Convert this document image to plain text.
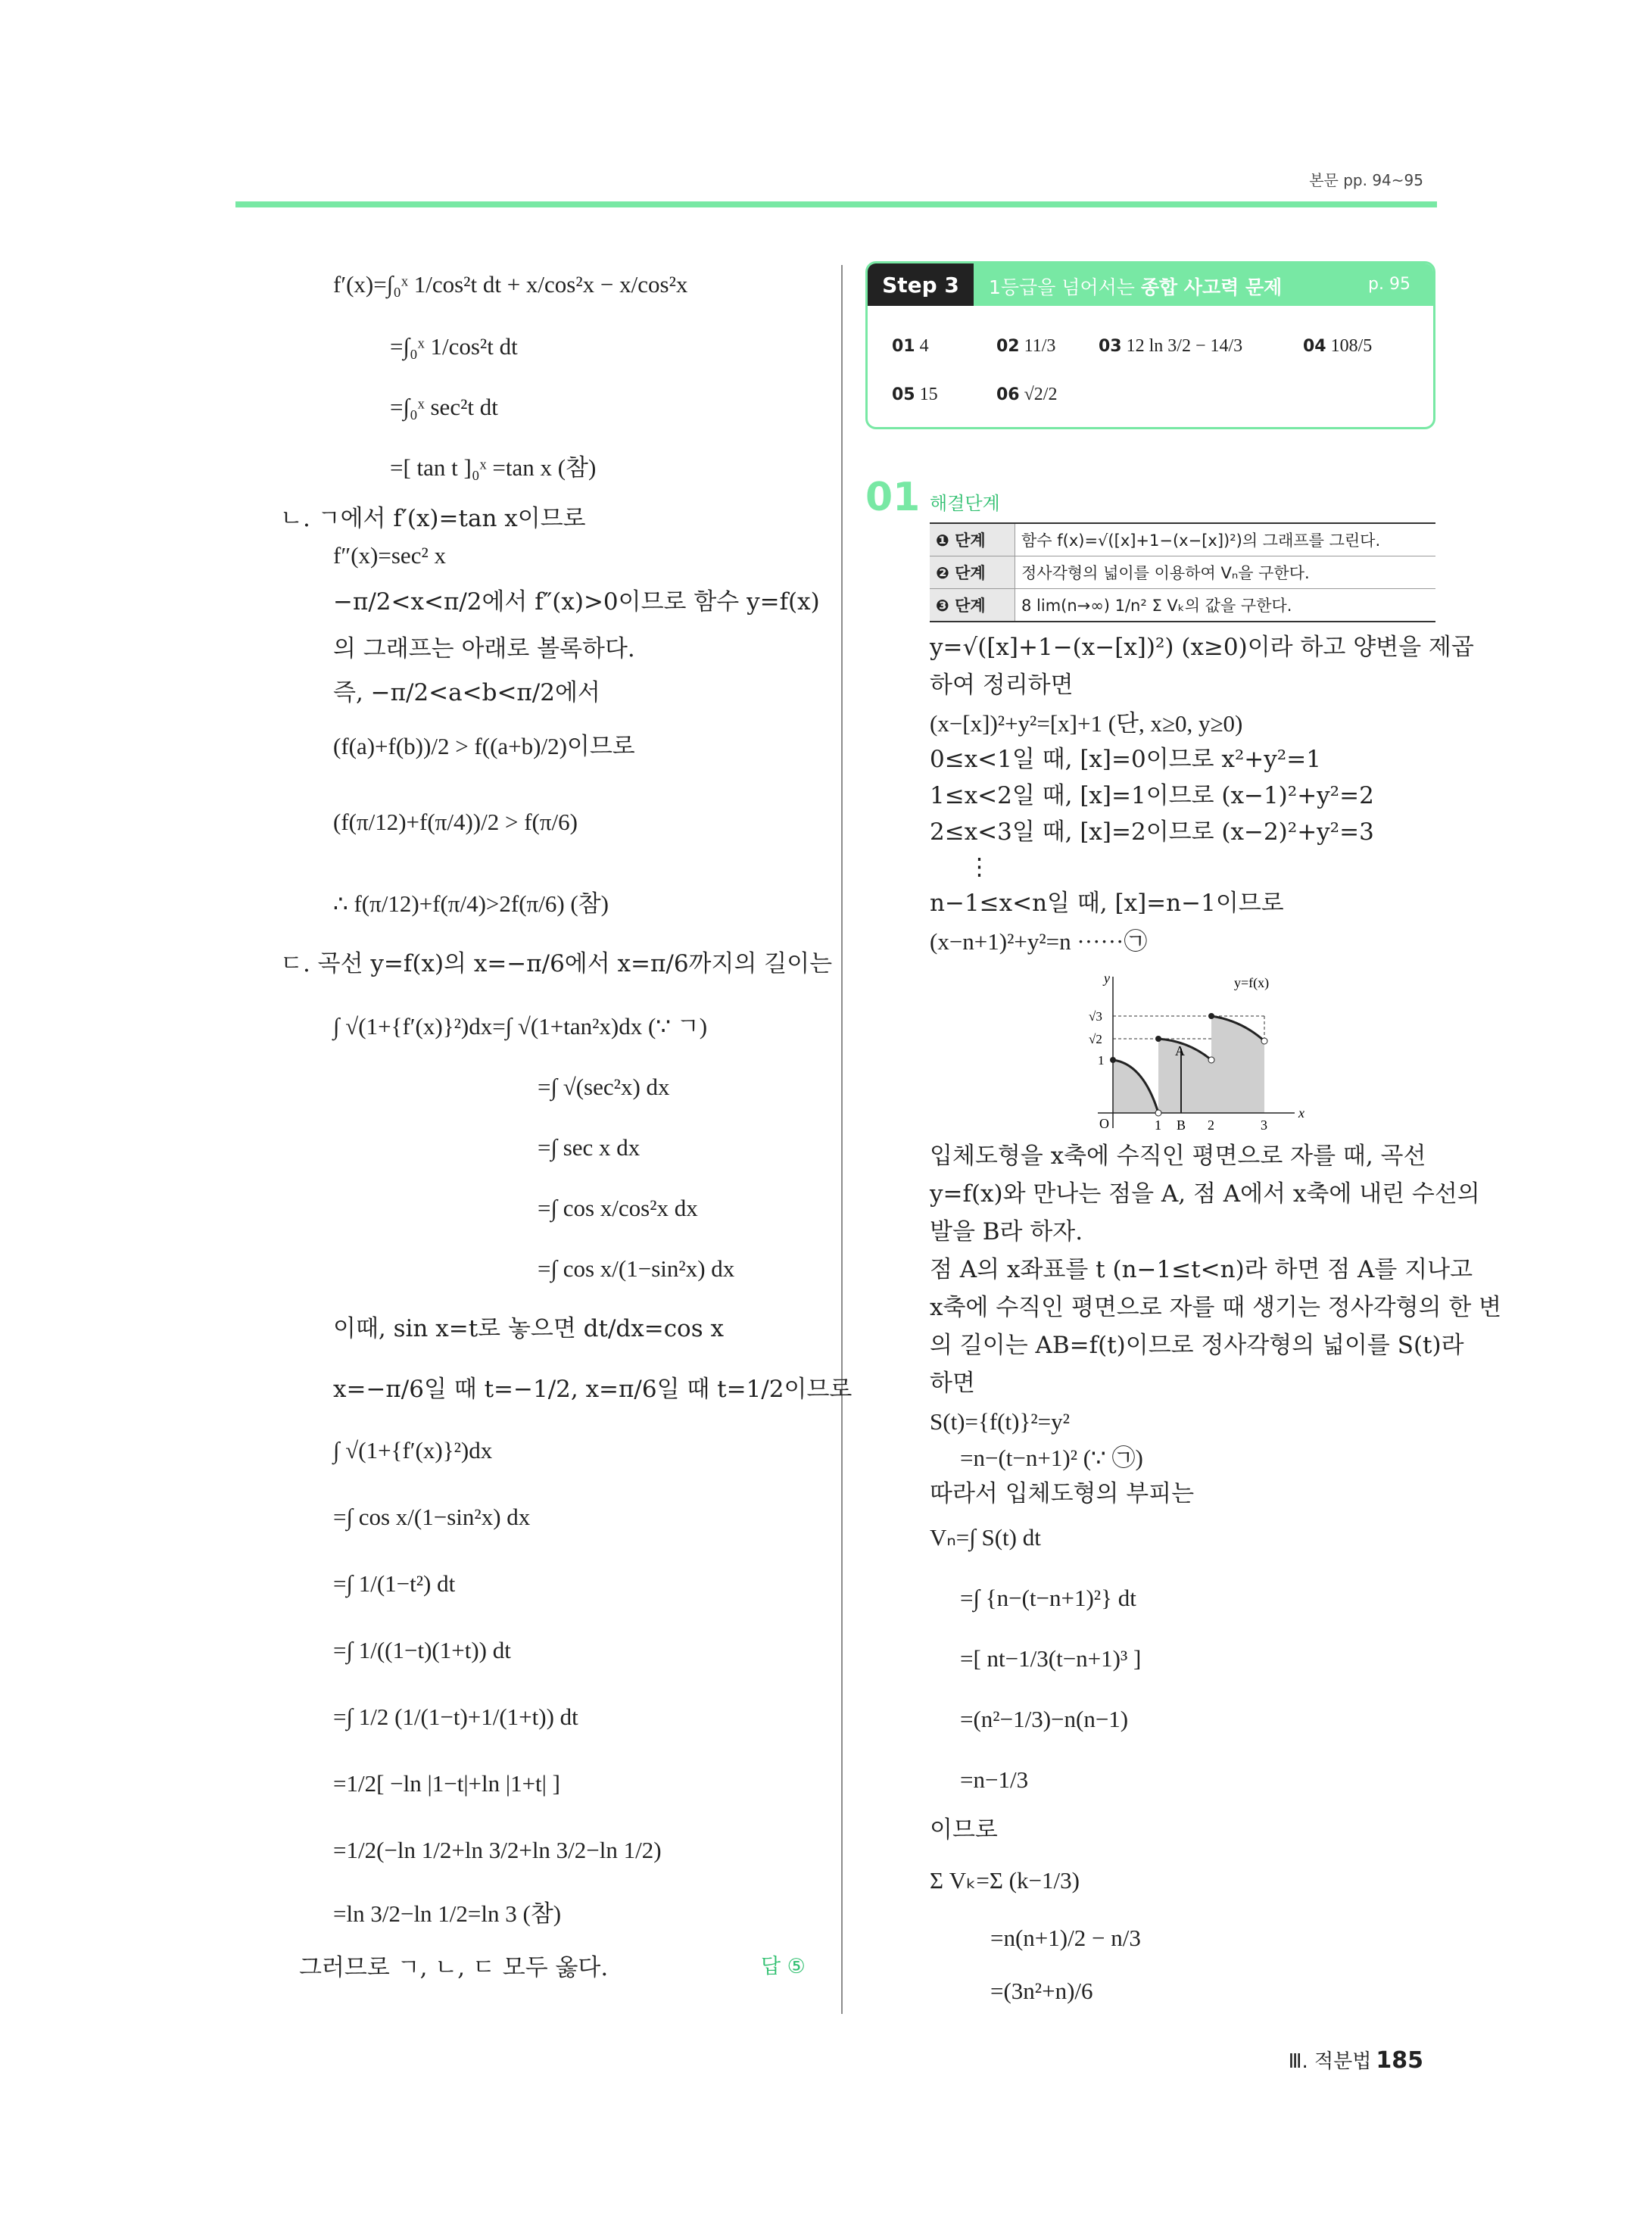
본문 pp. 94~95
f′(x)=∫₀ˣ 1/cos²t dt + x/cos²x − x/cos²x
=∫₀ˣ 1/cos²t dt
=∫₀ˣ sec²t dt
=[ tan t ]₀ˣ =tan x (참)
ㄴ. ㄱ에서 f′(x)=tan x이므로
f″(x)=sec² x
−π/2<x<π/2에서 f″(x)>0이므로 함수 y=f(x)
의 그래프는 아래로 볼록하다.
즉, −π/2<a<b<π/2에서
(f(a)+f(b))/2 > f((a+b)/2)이므로
(f(π/12)+f(π/4))/2 > f(π/6)
∴ f(π/12)+f(π/4)>2f(π/6) (참)
ㄷ. 곡선 y=f(x)의 x=−π/6에서 x=π/6까지의 길이는
∫ √(1+{f′(x)}²)dx=∫ √(1+tan²x)dx (∵ ㄱ)
=∫ √(sec²x) dx
=∫ sec x dx
=∫ cos x/cos²x dx
=∫ cos x/(1−sin²x) dx
이때, sin x=t로 놓으면 dt/dx=cos x
x=−π/6일 때 t=−1/2, x=π/6일 때 t=1/2이므로
∫ √(1+{f′(x)}²)dx
=∫ cos x/(1−sin²x) dx
=∫ 1/(1−t²) dt
=∫ 1/((1−t)(1+t)) dt
=∫ 1/2 (1/(1−t)+1/(1+t)) dt
=1/2[ −ln |1−t|+ln |1+t| ]
=1/2(−ln 1/2+ln 3/2+ln 3/2−ln 1/2)
=ln 3/2−ln 1/2=ln 3 (참)
그러므로 ㄱ, ㄴ, ㄷ 모두 옳다.	답 ⑤
Step 3	1등급을 넘어서는 종합 사고력 문제	p. 95
01 4	02 11/3	03 12 ln 3/2 − 14/3	04 108/5
05 15	06 √2/2
01 해결단계
❶ 단계	함수 f(x)=√([x]+1−(x−[x])²)의 그래프를 그린다.
❷ 단계	정사각형의 넓이를 이용하여 Vₙ을 구한다.
❸ 단계	8 lim(n→∞) 1/n² Σ Vₖ의 값을 구한다.
y=√([x]+1−(x−[x])²) (x≥0)이라 하고 양변을 제곱
하여 정리하면
(x−[x])²+y²=[x]+1 (단, x≥0, y≥0)
0≤x<1일 때, [x]=0이므로 x²+y²=1
1≤x<2일 때, [x]=1이므로 (x−1)²+y²=2
2≤x<3일 때, [x]=2이므로 (x−2)²+y²=3
⋮
n−1≤x<n일 때, [x]=n−1이므로
(x−n+1)²+y²=n ······㉠
입체도형을 x축에 수직인 평면으로 자를 때, 곡선
y=f(x)와 만나는 점을 A, 점 A에서 x축에 내린 수선의
발을 B라 하자.
점 A의 x좌표를 t (n−1≤t<n)라 하면 점 A를 지나고
x축에 수직인 평면으로 자를 때 생기는 정사각형의 한 변
의 길이는 AB=f(t)이므로 정사각형의 넓이를 S(t)라
하면
S(t)={f(t)}²=y²
=n−(t−n+1)² (∵ ㉠)
따라서 입체도형의 부피는
Vₙ=∫ S(t) dt
=∫ {n−(t−n+1)²} dt
=[ nt−1/3(t−n+1)³ ]
=(n²−1/3)−n(n−1)
=n−1/3
이므로
Σ Vₖ=Σ (k−1/3)
=n(n+1)/2 − n/3
=(3n²+n)/6
y
x
y=f(x)
O	1 B 2	3
√3
√2
1
A
Ⅲ. 적분법 185
